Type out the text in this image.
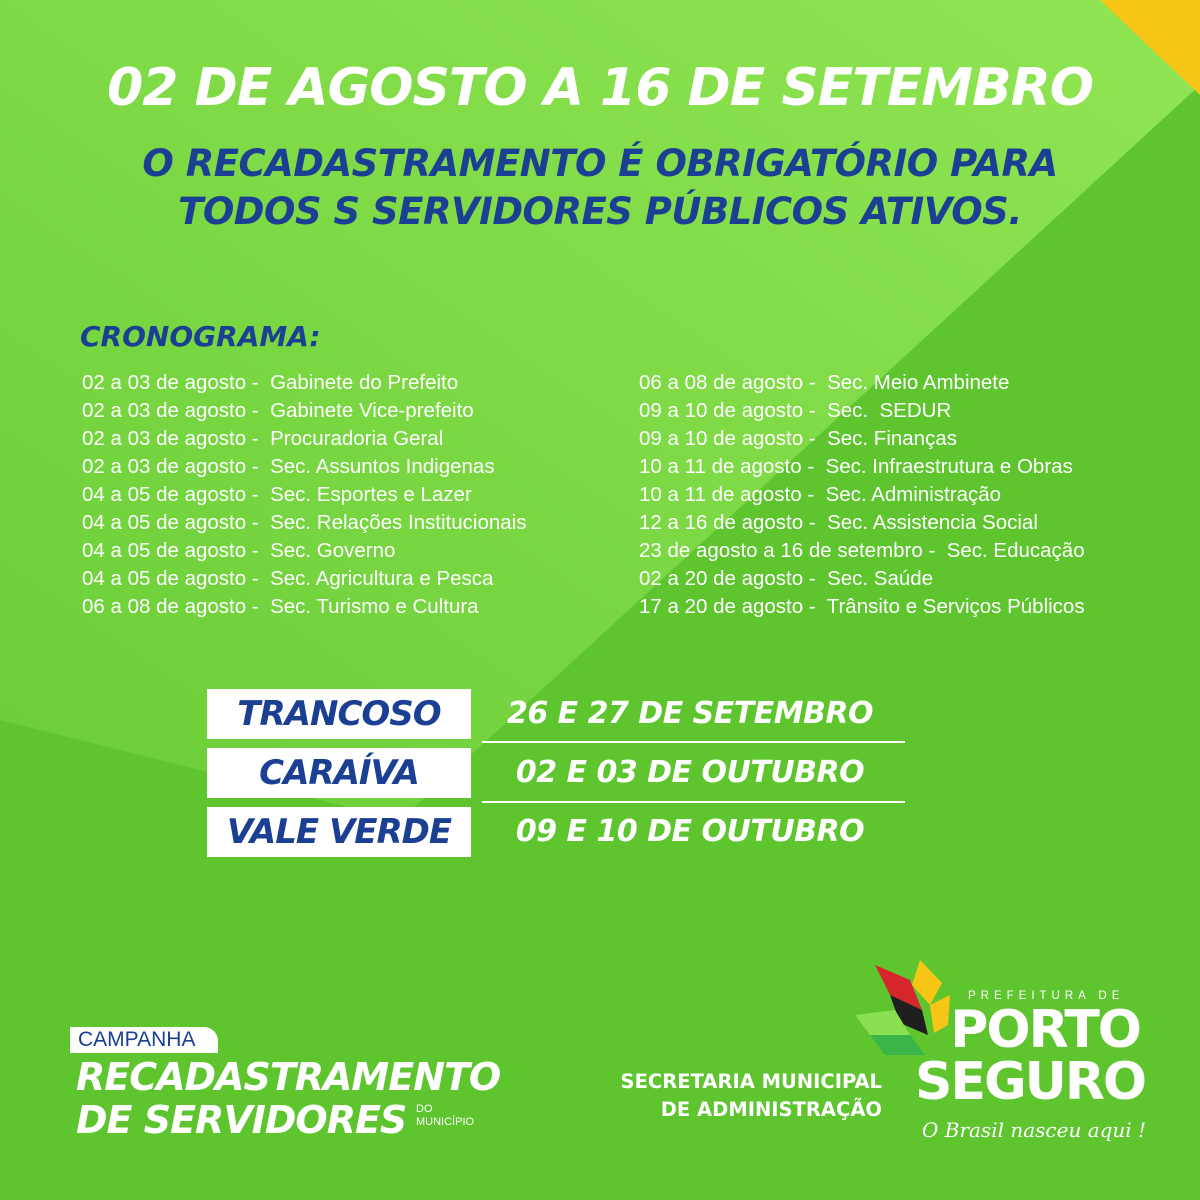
02 DE AGOSTO A 16 DE SETEMBRO
O RECADASTRAMENTO É OBRIGATÓRIO PARA
TODOS S SERVIDORES PÚBLICOS ATIVOS.
CRONOGRAMA:
02 a 03 de agosto - Gabinete do Prefeito
02 a 03 de agosto - Gabinete Vice-prefeito
02 a 03 de agosto - Procuradoria Geral
02 a 03 de agosto - Sec. Assuntos Indigenas
04 a 05 de agosto - Sec. Esportes e Lazer
04 a 05 de agosto - Sec. Relações Institucionais
04 a 05 de agosto - Sec. Governo
04 a 05 de agosto - Sec. Agricultura e Pesca
06 a 08 de agosto - Sec. Turismo e Cultura
06 a 08 de agosto - Sec. Meio Ambinete
09 a 10 de agosto - Sec.  SEDUR
09 a 10 de agosto - Sec. Finanças
10 a 11 de agosto - Sec. Infraestrutura e Obras
10 a 11 de agosto - Sec. Administração
12 a 16 de agosto - Sec. Assistencia Social
23 de agosto a 16 de setembro - Sec. Educação
02 a 20 de agosto - Sec. Saúde
17 a 20 de agosto - Trânsito e Serviços Públicos
TRANCOSO	26 E 27 DE SETEMBRO
CARAÍVA	02 E 03 DE OUTUBRO
VALE VERDE	09 E 10 DE OUTUBRO
CAMPANHA
RECADASTRAMENTO
DE SERVIDORES DO
MUNICÍPIO
SECRETARIA MUNICIPAL
DE ADMINISTRAÇÃO
PREFEITURA DE
PORTO
SEGURO
O Brasil nasceu aqui !
